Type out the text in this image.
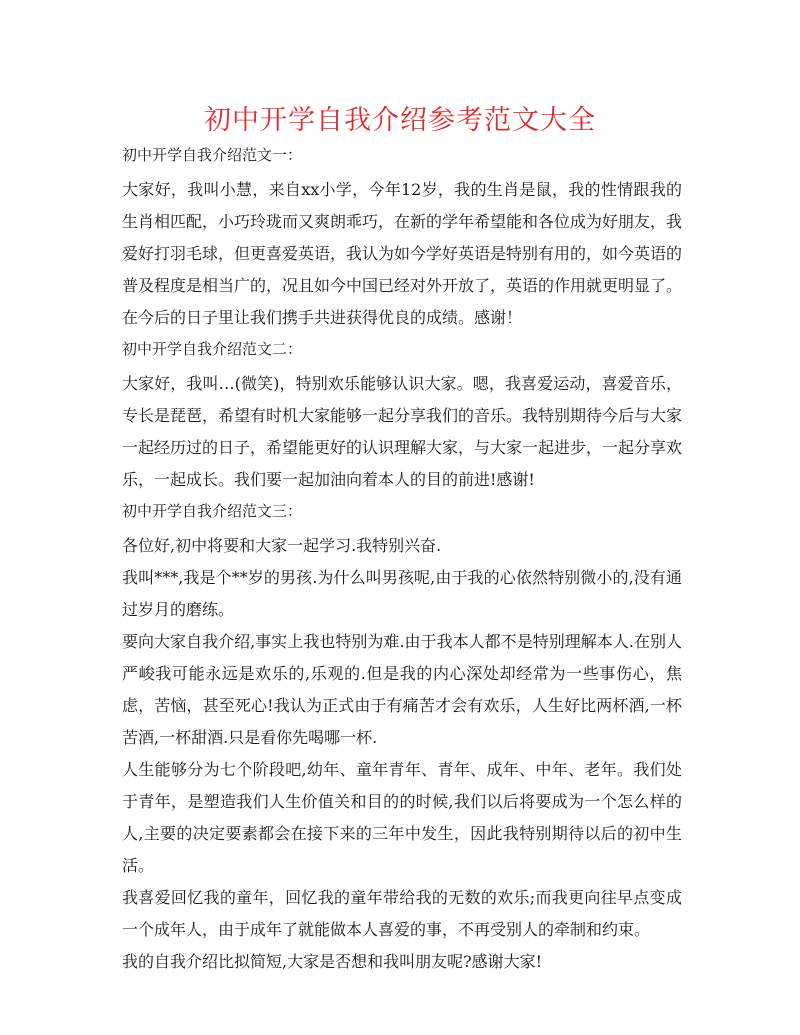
初中开学自我介绍参考范文大全
初中开学自我介绍范文一：

大家好，我叫小慧，来自xx小学，今年12岁，我的生肖是鼠，我的性情跟我的生肖相匹配，小巧玲珑而又爽朗乖巧，在新的学年希望能和各位成为好朋友，我爱好打羽毛球，但更喜爱英语，我认为如今学好英语是特别有用的，如今英语的普及程度是相当广的，况且如今中国已经对外开放了，英语的作用就更明显了。在今后的日子里让我们携手共进获得优良的成绩。感谢！

初中开学自我介绍范文二：

大家好，我叫…(微笑)，特别欢乐能够认识大家。嗯，我喜爱运动，喜爱音乐，专长是琵琶，希望有时机大家能够一起分享我们的音乐。我特别期待今后与大家一起经历过的日子，希望能更好的认识理解大家，与大家一起进步，一起分享欢乐，一起成长。我们要一起加油向着本人的目的前进!感谢!

初中开学自我介绍范文三：

各位好,初中将要和大家一起学习.我特别兴奋.

我叫***,我是个**岁的男孩.为什么叫男孩呢,由于我的心依然特别微小的,没有通过岁月的磨练。

要向大家自我介绍,事实上我也特别为难.由于我本人都不是特别理解本人.在别人严峻我可能永远是欢乐的,乐观的.但是我的内心深处却经常为一些事伤心，焦虑，苦恼，甚至死心!我认为正式由于有痛苦才会有欢乐，人生好比两杯酒,一杯苦酒,一杯甜酒.只是看你先喝哪一杯.

人生能够分为七个阶段吧,幼年、童年青年、青年、成年、中年、老年。我们处于青年，是塑造我们人生价值关和目的的时候,我们以后将要成为一个怎么样的人,主要的决定要素都会在接下来的三年中发生，因此我特别期待以后的初中生活。

我喜爱回忆我的童年，回忆我的童年带给我的无数的欢乐;而我更向往早点变成一个成年人，由于成年了就能做本人喜爱的事，不再受别人的牵制和约束。

我的自我介绍比拟简短,大家是否想和我叫朋友呢?感谢大家!
